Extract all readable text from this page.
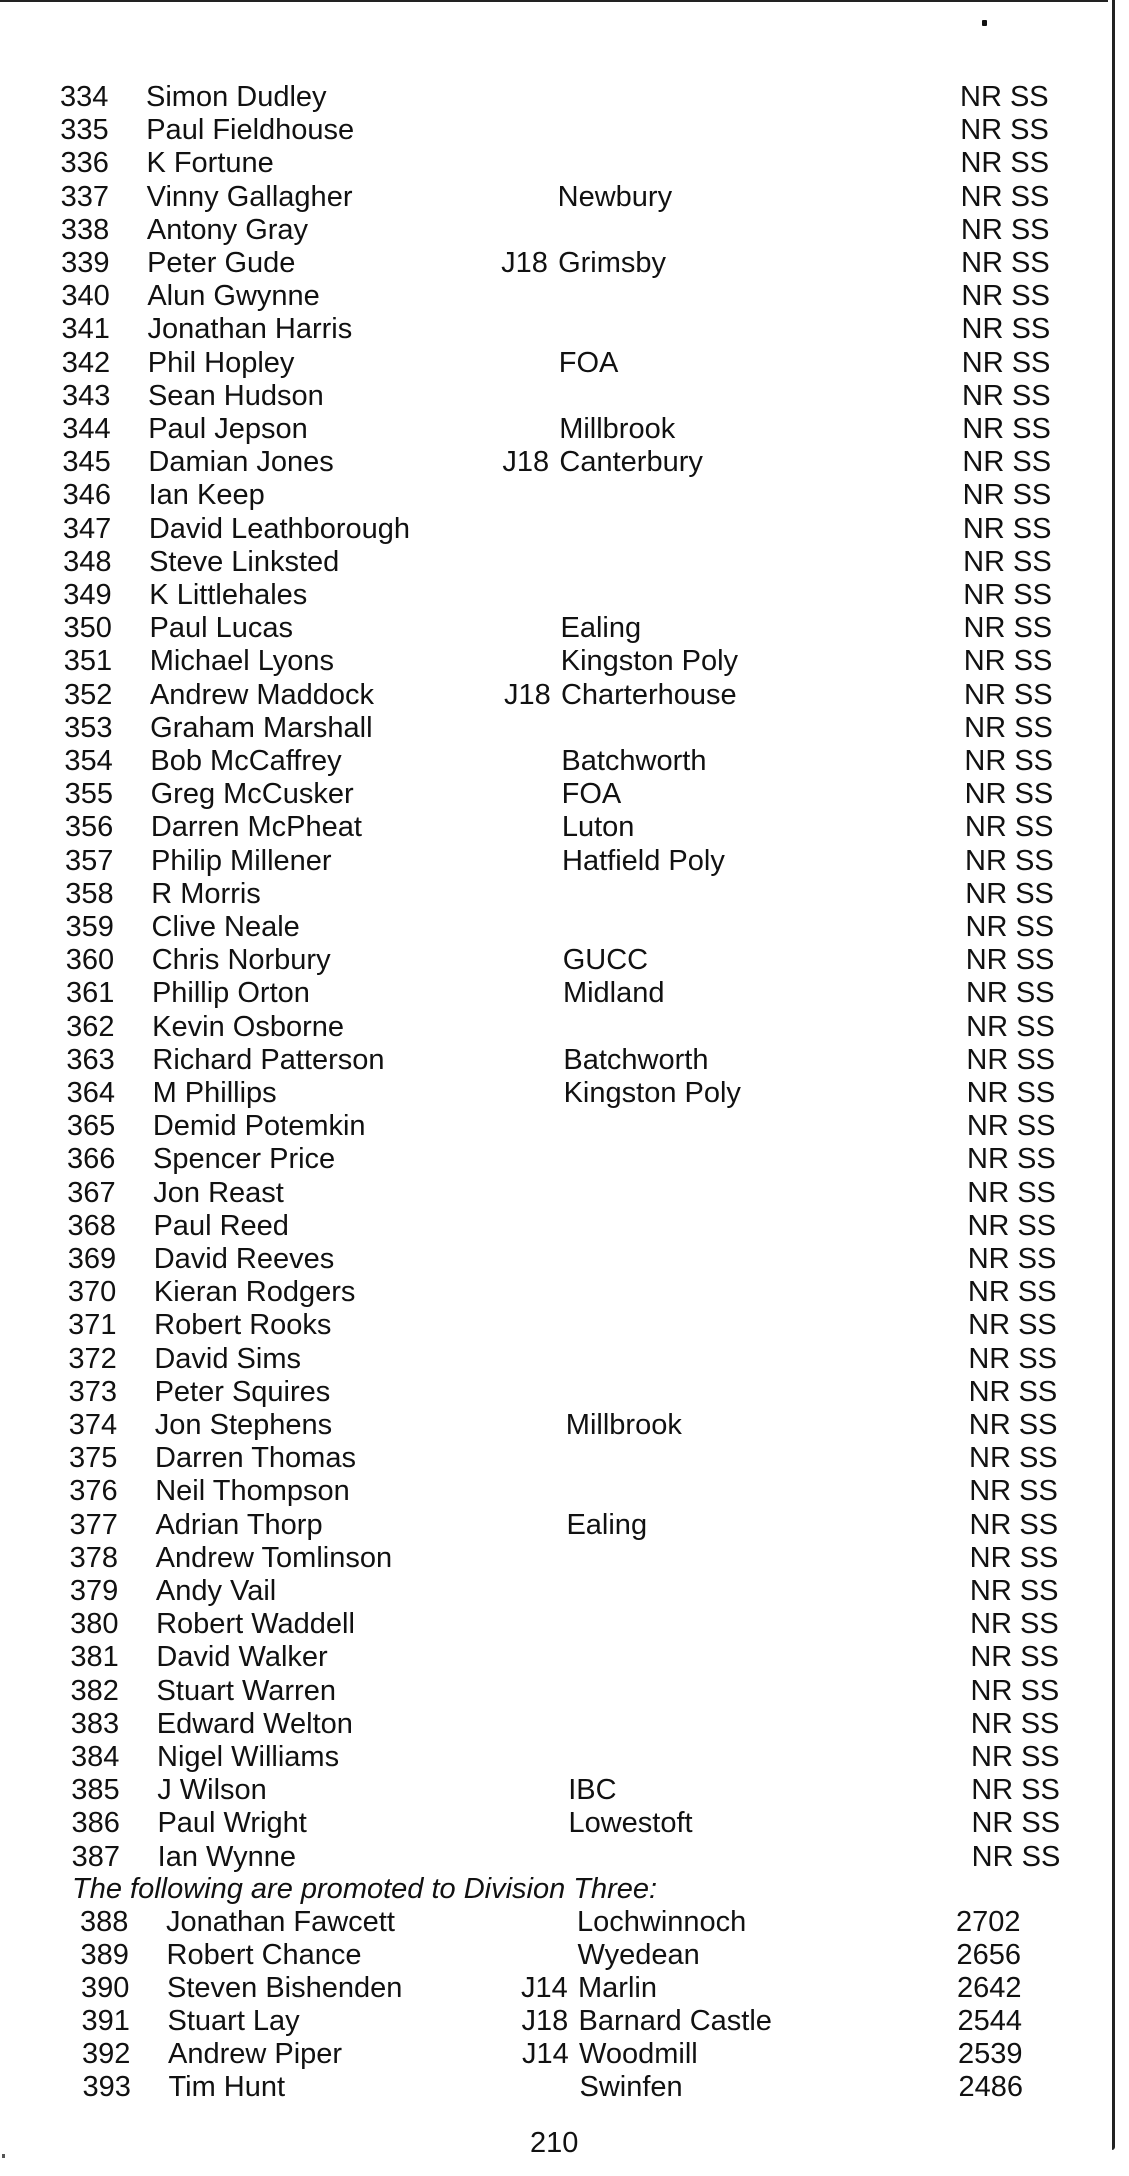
334 Simon Dudley	NR SS
335 Paul Fieldhouse	NR SS
336 K Fortune	NR SS
337 Vinny Gallagher	Newbury	NR SS
338 Antony Gray	NR SS
339 Peter Gude	J18 Grimsby	NR SS
340 Alun Gwynne	NR SS
341 Jonathan Harris	NR SS
342 Phil Hopley	FOA	NR SS
343 Sean Hudson	NR SS
344 Paul Jepson	Millbrook	NR SS
345 Damian Jones	J18 Canterbury	NR SS
346 Ian Keep	NR SS
347 David Leathborough	NR SS
348 Steve Linksted	NR SS
349 K Littlehales	NR SS
350 Paul Lucas	Ealing	NR SS
351 Michael Lyons	Kingston Poly	NR SS
352 Andrew Maddock	J18 Charterhouse	NR SS
353 Graham Marshall	NR SS
354 Bob McCaffrey	Batchworth	NR SS
355 Greg McCusker	FOA	NR SS
356 Darren McPheat	Luton	NR SS
357 Philip Millener	Hatfield Poly	NR SS
358 R Morris	NR SS
359 Clive Neale	NR SS
360 Chris Norbury	GUCC	NR SS
361 Phillip Orton	Midland	NR SS
362 Kevin Osborne	NR SS
363 Richard Patterson	Batchworth	NR SS
364 M Phillips	Kingston Poly	NR SS
365 Demid Potemkin	NR SS
366 Spencer Price	NR SS
367 Jon Reast	NR SS
368 Paul Reed	NR SS
369 David Reeves	NR SS
370 Kieran Rodgers	NR SS
371 Robert Rooks	NR SS
372 David Sims	NR SS
373 Peter Squires	NR SS
374 Jon Stephens	Millbrook	NR SS
375 Darren Thomas	NR SS
376 Neil Thompson	NR SS
377 Adrian Thorp	Ealing	NR SS
378 Andrew Tomlinson	NR SS
379 Andy Vail	NR SS
380 Robert Waddell	NR SS
381 David Walker	NR SS
382 Stuart Warren	NR SS
383 Edward Welton	NR SS
384 Nigel Williams	NR SS
385 J Wilson	IBC	NR SS
386 Paul Wright	Lowestoft	NR SS
387 Ian Wynne	NR SS
The following are promoted to Division Three:
388 Jonathan Fawcett	Lochwinnoch	2702
389 Robert Chance	Wyedean	2656
390 Steven Bishenden	J14 Marlin	2642
391 Stuart Lay	J18 Barnard Castle	2544
392 Andrew Piper	J14 Woodmill	2539
393 Tim Hunt	Swinfen	2486
210
